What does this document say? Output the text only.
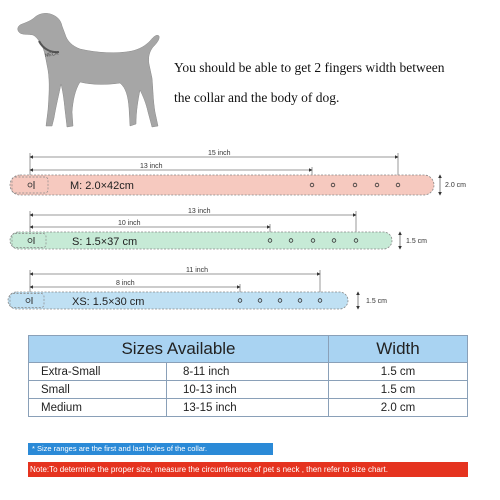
NECK
You should be able to get 2 fingers width between
the collar and the body of dog.
15 inch
13 inch
M: 2.0×42cm	2.0 cm
13 inch
10 inch
S: 1.5×37 cm	1.5 cm
11 inch
8 inch
XS: 1.5×30 cm	1.5 cm
Sizes Available		Width
Extra-Small	8-11 inch	1.5 cm
Small	10-13 inch	1.5 cm
Medium	13-15 inch	2.0 cm
* Size ranges are the first and last holes of the collar.
Note:To determine the proper size, measure the circumference of pet s neck , then refer to size chart.
